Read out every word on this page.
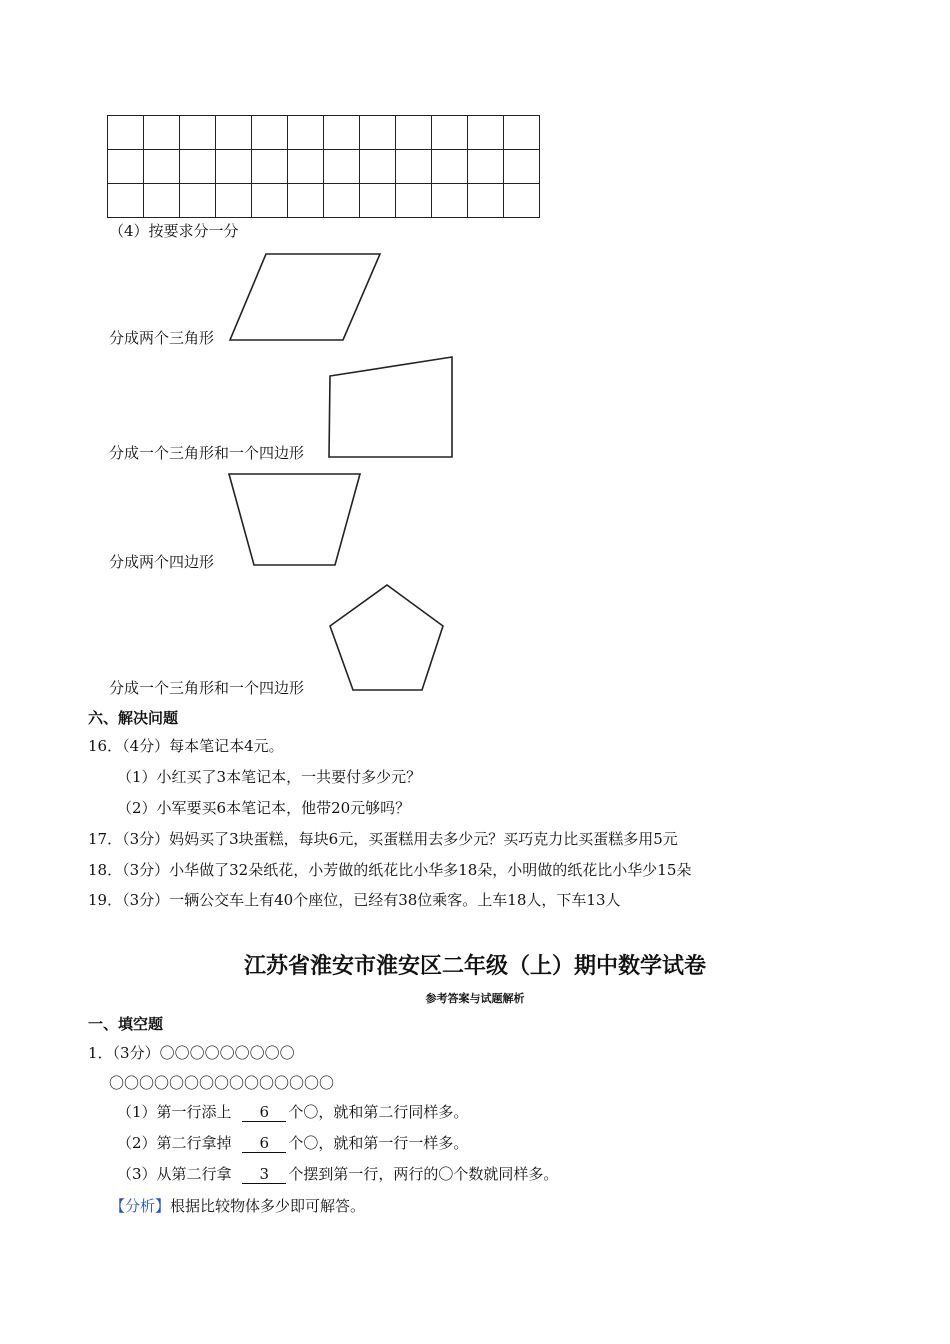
（4）按要求分一分
分成两个三角形
分成一个三角形和一个四边形
分成两个四边形
分成一个三角形和一个四边形
六、解决问题
16．（4分）每本笔记本4元。
（1）小红买了3本笔记本，一共要付多少元？
（2）小军要买6本笔记本，他带20元够吗？
17．（3分）妈妈买了3块蛋糕，每块6元，买蛋糕用去多少元？买巧克力比买蛋糕多用5元
18．（3分）小华做了32朵纸花，小芳做的纸花比小华多18朵，小明做的纸花比小华少15朵
19．（3分）一辆公交车上有40个座位，已经有38位乘客。上车18人，下车13人
江苏省淮安市淮安区二年级（上）期中数学试卷
参考答案与试题解析
一、填空题
1．（3分）〇〇〇〇〇〇〇〇〇
〇〇〇〇〇〇〇〇〇〇〇〇〇〇〇
（1）第一行添上 6 个〇，就和第二行同样多。
（2）第二行拿掉 6 个〇，就和第一行一样多。
（3）从第二行拿 3 个摆到第一行，两行的〇个数就同样多。
【分析】根据比较物体多少即可解答。
